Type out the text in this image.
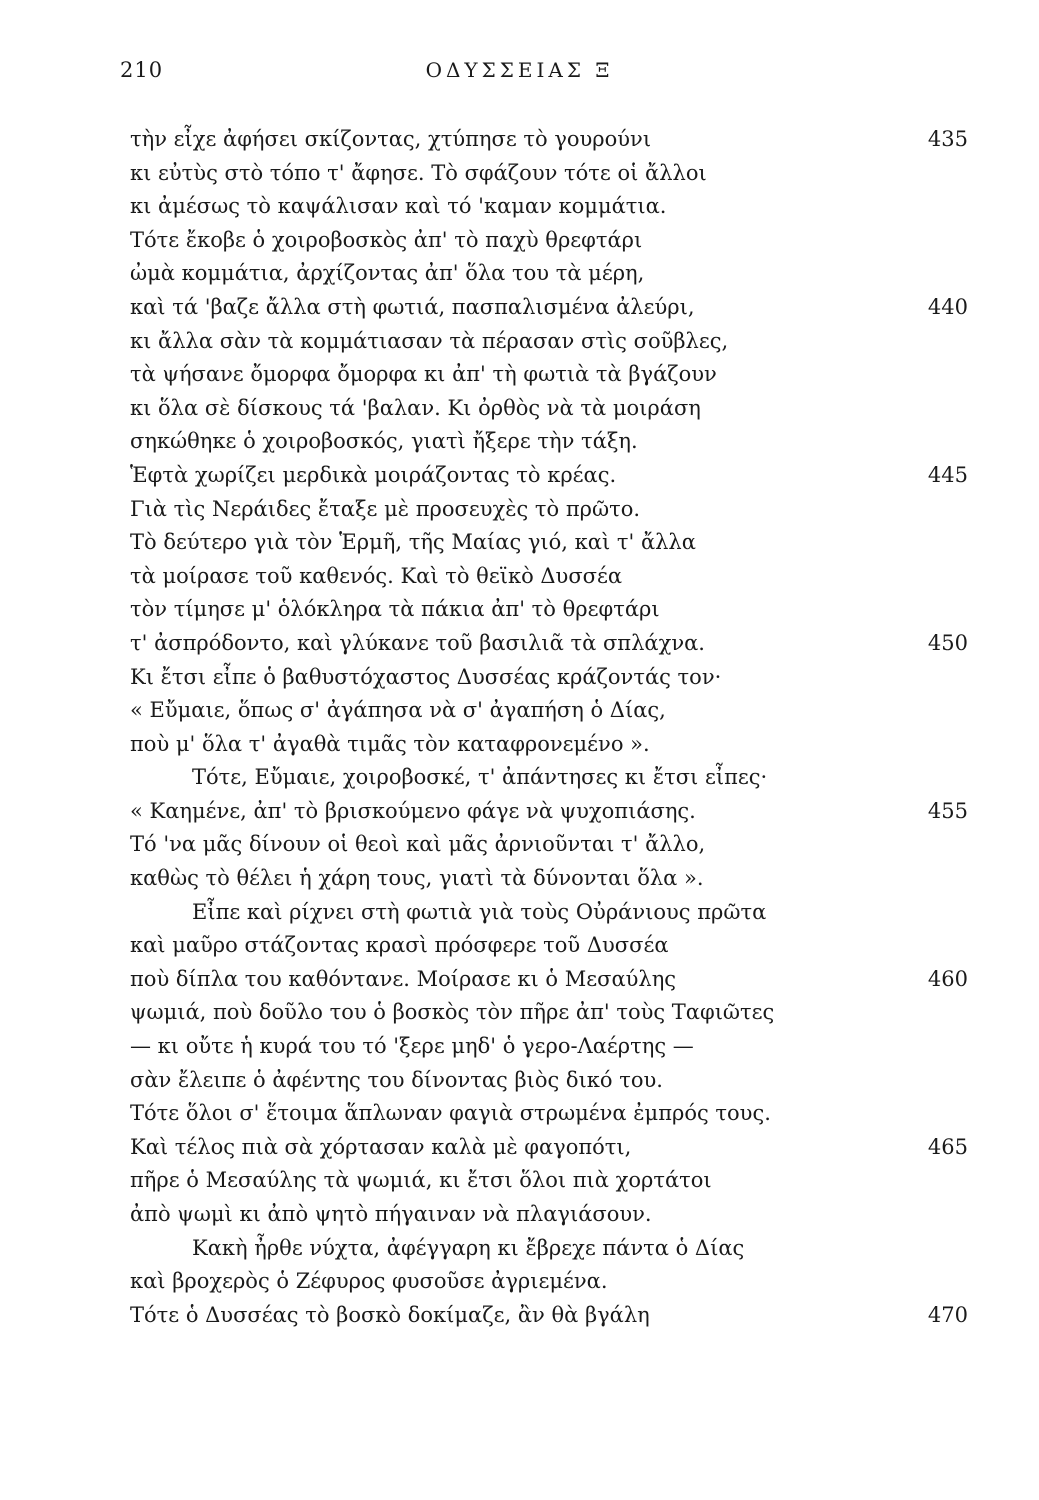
210	ΟΔΥΣΣΕΙΑΣ Ξ
τὴν εἶχε ἀφήσει σκίζοντας, χτύπησε τὸ γουρούνι	435
κι εὐτὺς στὸ τόπο τ' ἄφησε. Τὸ σφάζουν τότε οἱ ἄλλοι
κι ἀμέσως τὸ καψάλισαν καὶ τό 'καμαν κομμάτια.
Τότε ἔκοβε ὁ χοιροβοσκὸς ἀπ' τὸ παχὺ θρεφτάρι
ὠμὰ κομμάτια, ἀρχίζοντας ἀπ' ὅλα του τὰ μέρη,
καὶ τά 'βαζε ἄλλα στὴ φωτιά, πασπαλισμένα ἀλεύρι,	440
κι ἄλλα σὰν τὰ κομμάτιασαν τὰ πέρασαν στὶς σοῦβλες,
τὰ ψήσανε ὄμορφα ὄμορφα κι ἀπ' τὴ φωτιὰ τὰ βγάζουν
κι ὅλα σὲ δίσκους τά 'βαλαν. Κι ὀρθὸς νὰ τὰ μοιράση
σηκώθηκε ὁ χοιροβοσκός, γιατὶ ἤξερε τὴν τάξη.
Ἑφτὰ χωρίζει μερδικὰ μοιράζοντας τὸ κρέας.	445
Γιὰ τὶς Νεράιδες ἔταξε μὲ προσευχὲς τὸ πρῶτο.
Τὸ δεύτερο γιὰ τὸν Ἑρμῆ, τῆς Μαίας γιό, καὶ τ' ἄλλα
τὰ μοίρασε τοῦ καθενός. Καὶ τὸ θεϊκὸ Δυσσέα
τὸν τίμησε μ' ὁλόκληρα τὰ πάκια ἀπ' τὸ θρεφτάρι
τ' ἀσπρόδοντο, καὶ γλύκανε τοῦ βασιλιᾶ τὰ σπλάχνα.	450
Κι ἔτσι εἶπε ὁ βαθυστόχαστος Δυσσέας κράζοντάς τον·
« Εὔμαιε, ὅπως σ' ἀγάπησα νὰ σ' ἀγαπήση ὁ Δίας,
ποὺ μ' ὅλα τ' ἀγαθὰ τιμᾶς τὸν καταφρονεμένο ».
Τότε, Εὔμαιε, χοιροβοσκέ, τ' ἀπάντησες κι ἔτσι εἶπες·
« Καημένε, ἀπ' τὸ βρισκούμενο φάγε νὰ ψυχοπιάσης.	455
Τό 'να μᾶς δίνουν οἱ θεοὶ καὶ μᾶς ἀρνιοῦνται τ' ἄλλο,
καθὼς τὸ θέλει ἡ χάρη τους, γιατὶ τὰ δύνονται ὅλα ».
Εἶπε καὶ ρίχνει στὴ φωτιὰ γιὰ τοὺς Οὐράνιους πρῶτα
καὶ μαῦρο στάζοντας κρασὶ πρόσφερε τοῦ Δυσσέα
ποὺ δίπλα του καθόντανε. Μοίρασε κι ὁ Μεσαύλης	460
ψωμιά, ποὺ δοῦλο του ὁ βοσκὸς τὸν πῆρε ἀπ' τοὺς Ταφιῶτες
— κι οὔτε ἡ κυρά του τό 'ξερε μηδ' ὁ γερο-Λαέρτης —
σὰν ἔλειπε ὁ ἀφέντης του δίνοντας βιὸς δικό του.
Τότε ὅλοι σ' ἕτοιμα ἅπλωναν φαγιὰ στρωμένα ἐμπρός τους.
Καὶ τέλος πιὰ σὰ χόρτασαν καλὰ μὲ φαγοπότι,	465
πῆρε ὁ Μεσαύλης τὰ ψωμιά, κι ἔτσι ὅλοι πιὰ χορτάτοι
ἀπὸ ψωμὶ κι ἀπὸ ψητὸ πήγαιναν νὰ πλαγιάσουν.
Κακὴ ἦρθε νύχτα, ἀφέγγαρη κι ἔβρεχε πάντα ὁ Δίας
καὶ βροχερὸς ὁ Ζέφυρος φυσοῦσε ἀγριεμένα.
Τότε ὁ Δυσσέας τὸ βοσκὸ δοκίμαζε, ἂν θὰ βγάλη	470
